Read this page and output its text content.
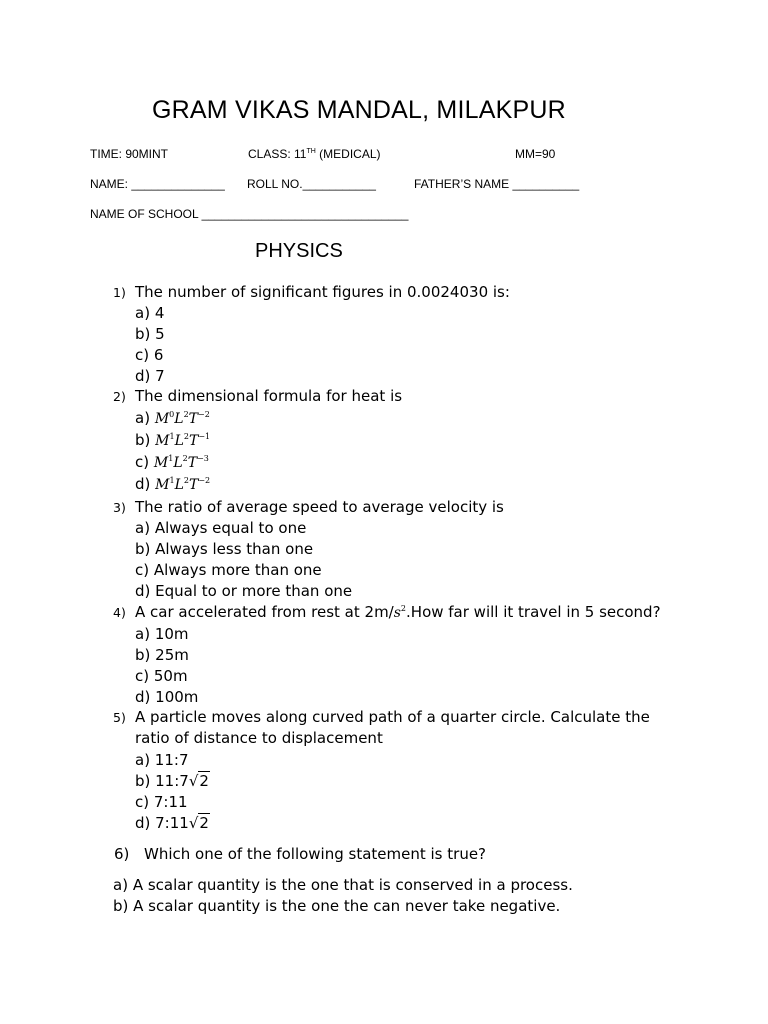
GRAM VIKAS MANDAL, MILAKPUR
TIME: 90MINT	CLASS: 11TH (MEDICAL)	MM=90
NAME: ______________ ROLL NO.___________	FATHER’S NAME __________
NAME OF SCHOOL _______________________________
PHYSICS
1) The number of significant figures in 0.0024030 is:
a) 4
b) 5
c) 6
d) 7
2) The dimensional formula for heat is
a) $M^0L^2T^{-2}$
b) $M^1L^2T^{-1}$
c) $M^1L^2T^{-3}$
d) $M^1L^2T^{-2}$
3) The ratio of average speed to average velocity is
a) Always equal to one
b) Always less than one
c) Always more than one
d) Equal to or more than one
4) A car accelerated from rest at $2m/s^2.How$ far will it travel in 5 second?
a) 10m
b) 25m
c) 50m
d) 100m
5) A particle moves along curved path of a quarter circle. Calculate the
ratio of distance to displacement
a) 11:7
b) 11:7√2
c) 7:11
d) 7:11√2
6) Which one of the following statement is true?
a) A scalar quantity is the one that is conserved in a process.
b) A scalar quantity is the one the can never take negative.
